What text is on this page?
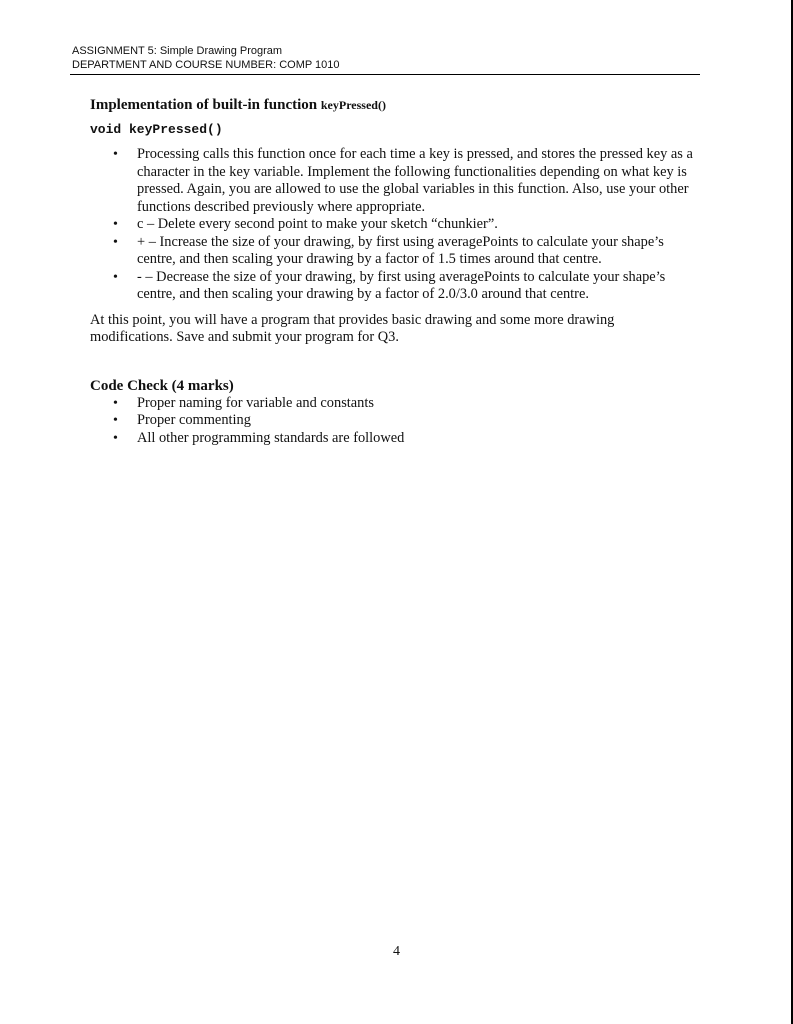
ASSIGNMENT 5: Simple Drawing Program
DEPARTMENT AND COURSE NUMBER: COMP 1010

Implementation of built-in function keyPressed()

void keyPressed()
• Processing calls this function once for each time a key is pressed, and stores the pressed key as a character in the key variable. Implement the following functionalities depending on what key is pressed. Again, you are allowed to use the global variables in this function. Also, use your other functions described previously where appropriate.
• c – Delete every second point to make your sketch “chunkier”.
• + – Increase the size of your drawing, by first using averagePoints to calculate your shape’s centre, and then scaling your drawing by a factor of 1.5 times around that centre.
• - – Decrease the size of your drawing, by first using averagePoints to calculate your shape’s centre, and then scaling your drawing by a factor of 2.0/3.0 around that centre.
At this point, you will have a program that provides basic drawing and some more drawing modifications. Save and submit your program for Q3.

Code Check (4 marks)

• Proper naming for variable and constants
• Proper commenting
• All other programming standards are followed
4
